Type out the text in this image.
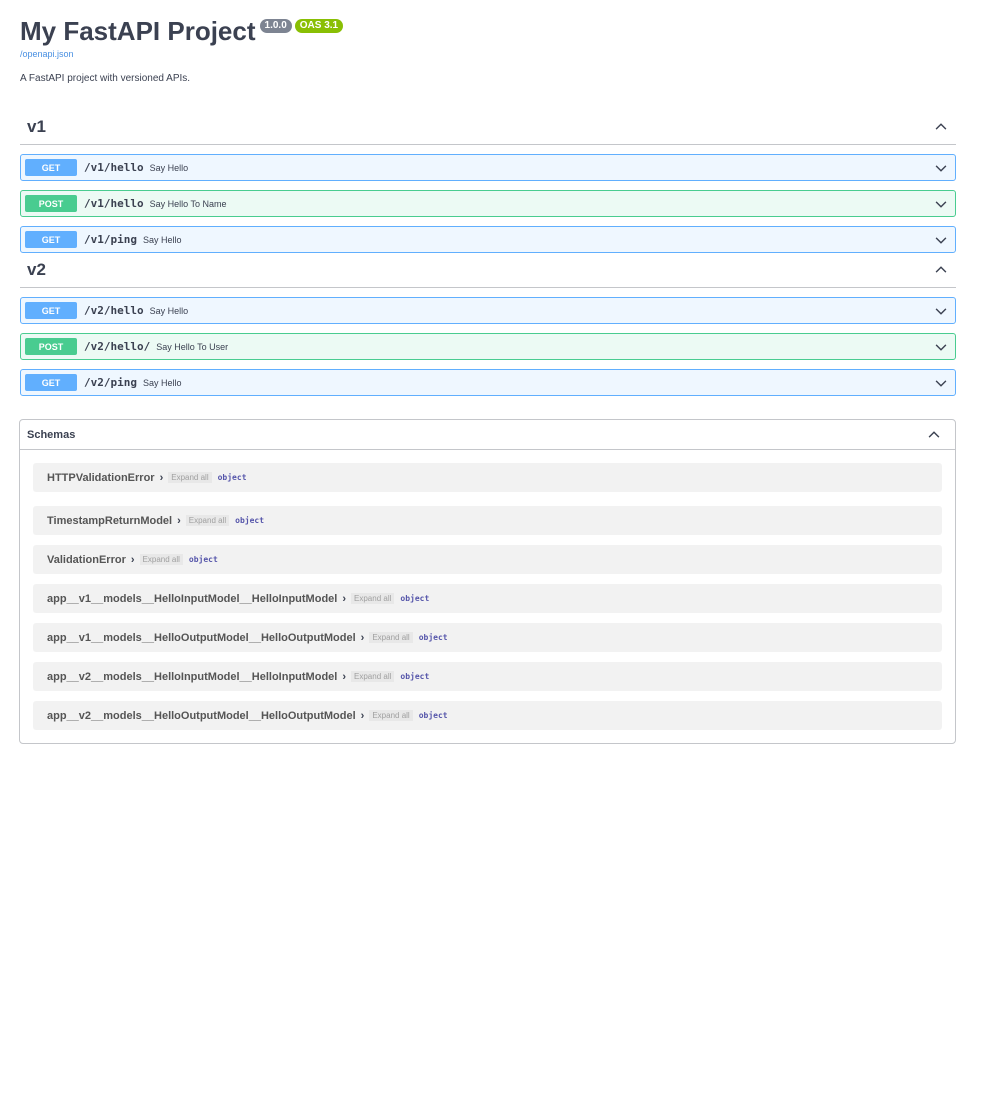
My FastAPI Project 1.0.0	OAS 3.1
/openapi.json
A FastAPI project with versioned APIs.
v1
GET	/v1/hello Say Hello
POST	/v1/hello Say Hello To Name
GET	/v1/ping Say Hello
v2
GET	/v2/hello Say Hello
POST	/v2/hello/ Say Hello To User
GET	/v2/ping Say Hello
Schemas
HTTPValidationError ›	Expand all	object
TimestampReturnModel ›	Expand all	object
ValidationError ›	Expand all	object
app__v1__models__HelloInputModel__HelloInputModel ›	Expand all	object
app__v1__models__HelloOutputModel__HelloOutputModel ›	Expand all	object
app__v2__models__HelloInputModel__HelloInputModel ›	Expand all	object
app__v2__models__HelloOutputModel__HelloOutputModel ›	Expand all	object
